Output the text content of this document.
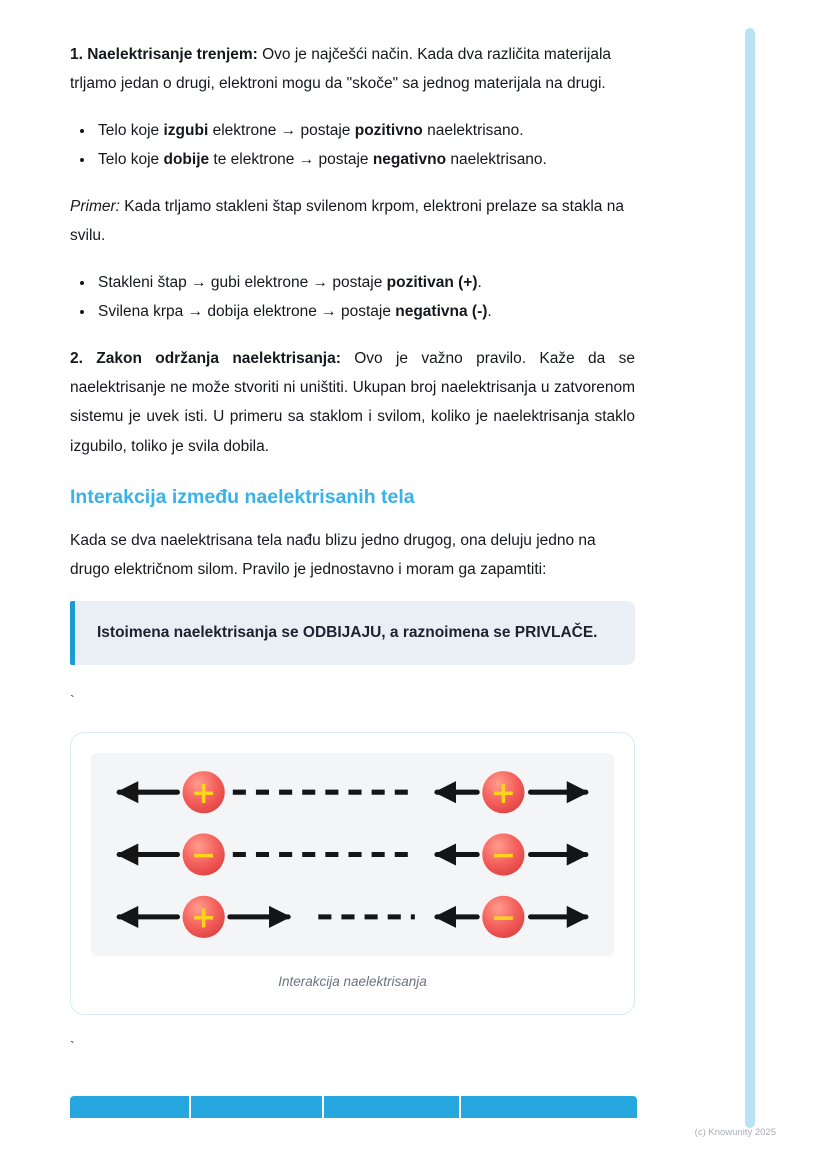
1. Naelektrisanje trenjem: Ovo je najčešći način. Kada dva različita materijala trljamo jedan o drugi, elektroni mogu da "skoče" sa jednog materijala na drugi.

• Telo koje izgubi elektrone → postaje pozitivno naelektrisano.
• Telo koje dobije te elektrone → postaje negativno naelektrisano.

Primer: Kada trljamo stakleni štap svilenom krpom, elektroni prelaze sa stakla na svilu.

• Stakleni štap → gubi elektrone → postaje pozitivan (+).
• Svilena krpa → dobija elektrone → postaje negativna (-).

2. Zakon održanja naelektrisanja: Ovo je važno pravilo. Kaže da se naelektrisanje ne može stvoriti ni uništiti. Ukupan broj naelektrisanja u zatvorenom sistemu je uvek isti. U primeru sa staklom i svilom, koliko je naelektrisanja staklo izgubilo, toliko je svila dobila.

Interakcija između naelektrisanih tela

Kada se dva naelektrisana tela nađu blizu jedno drugog, ona deluju jedno na drugo električnom silom. Pravilo je jednostavno i moram ga zapamtiti:

Istoimena naelektrisanja se ODBIJAJU, a raznoimena se PRIVLAČE.

`

+	+
−	−
+	−
Interakcija naelektrisanja

`

(c) Knowunity 2025
